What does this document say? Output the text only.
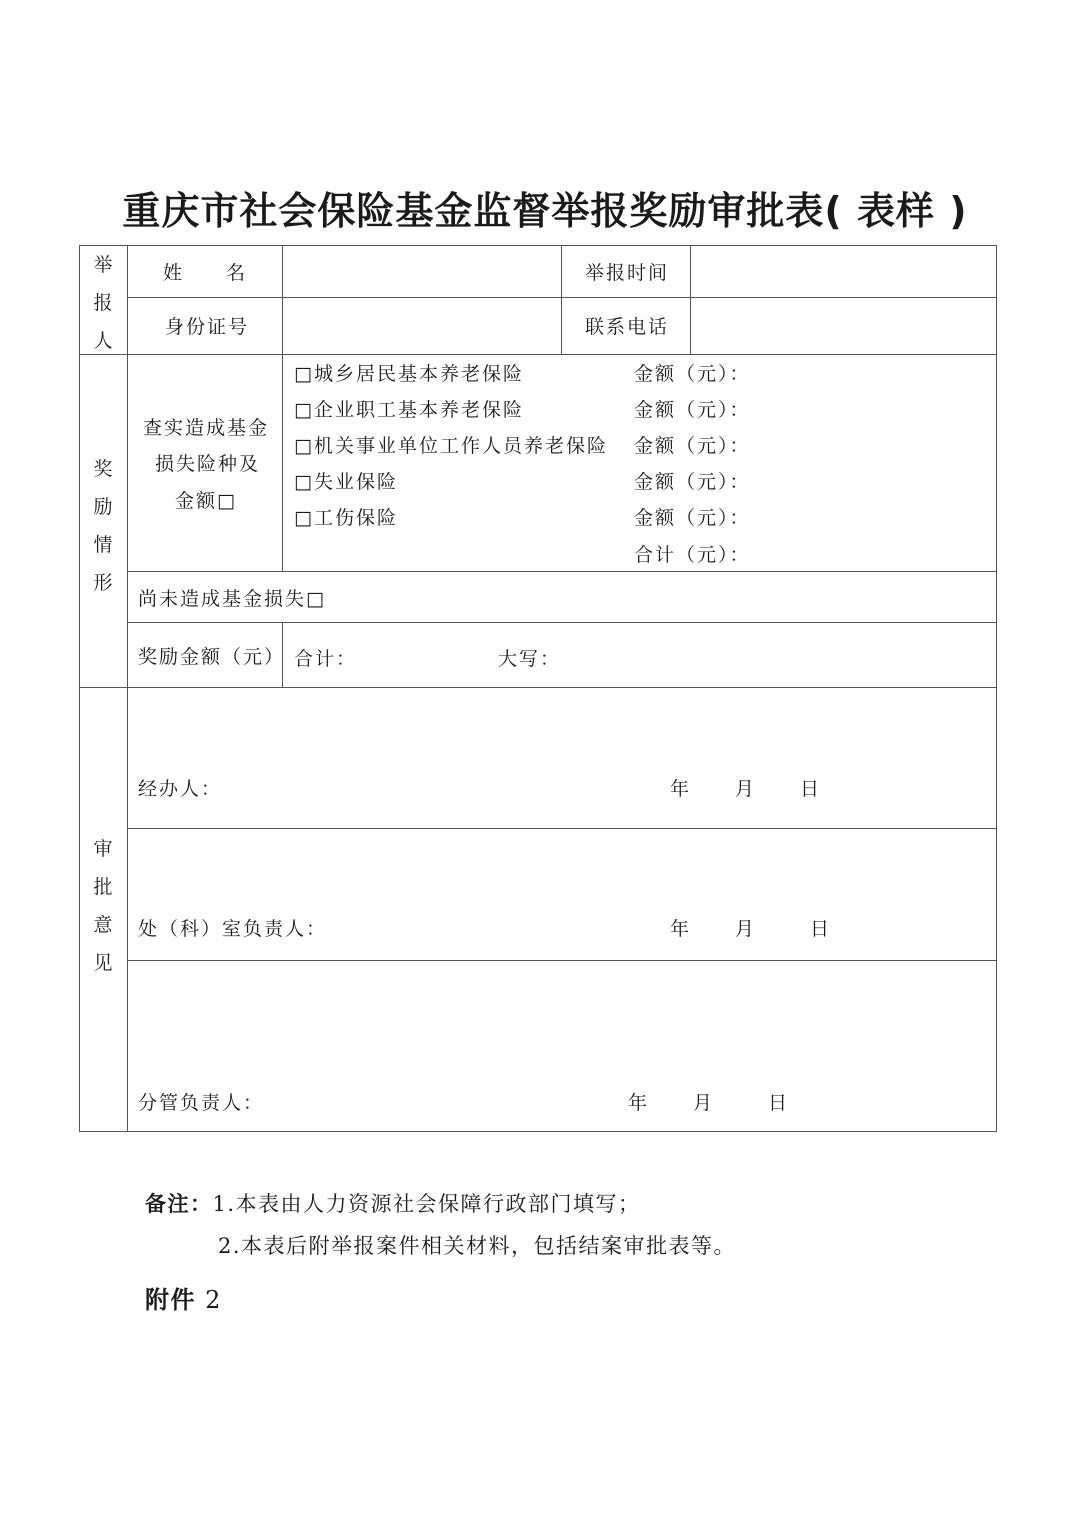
重庆市社会保险基金监督举报奖励审批表( 表样 )
举报人
姓　　名	举报时间
身份证号	联系电话
奖励情形
查实造成基金
损失险种及
金额□
□城乡居民基本养老保险	金额（元）：
□企业职工基本养老保险	金额（元）：
□机关事业单位工作人员养老保险 金额（元）：
□失业保险	金额（元）：
□工伤保险	金额（元）：
合计（元）：
尚未造成基金损失□
奖励金额（元） 合计：	大写：
审批意见
经办人：	年 月 日
处（科）室负责人：	年 月	日
分管负责人：	年 月	日
备注：1.本表由人力资源社会保障行政部门填写；
2.本表后附举报案件相关材料，包括结案审批表等。
附件 2
